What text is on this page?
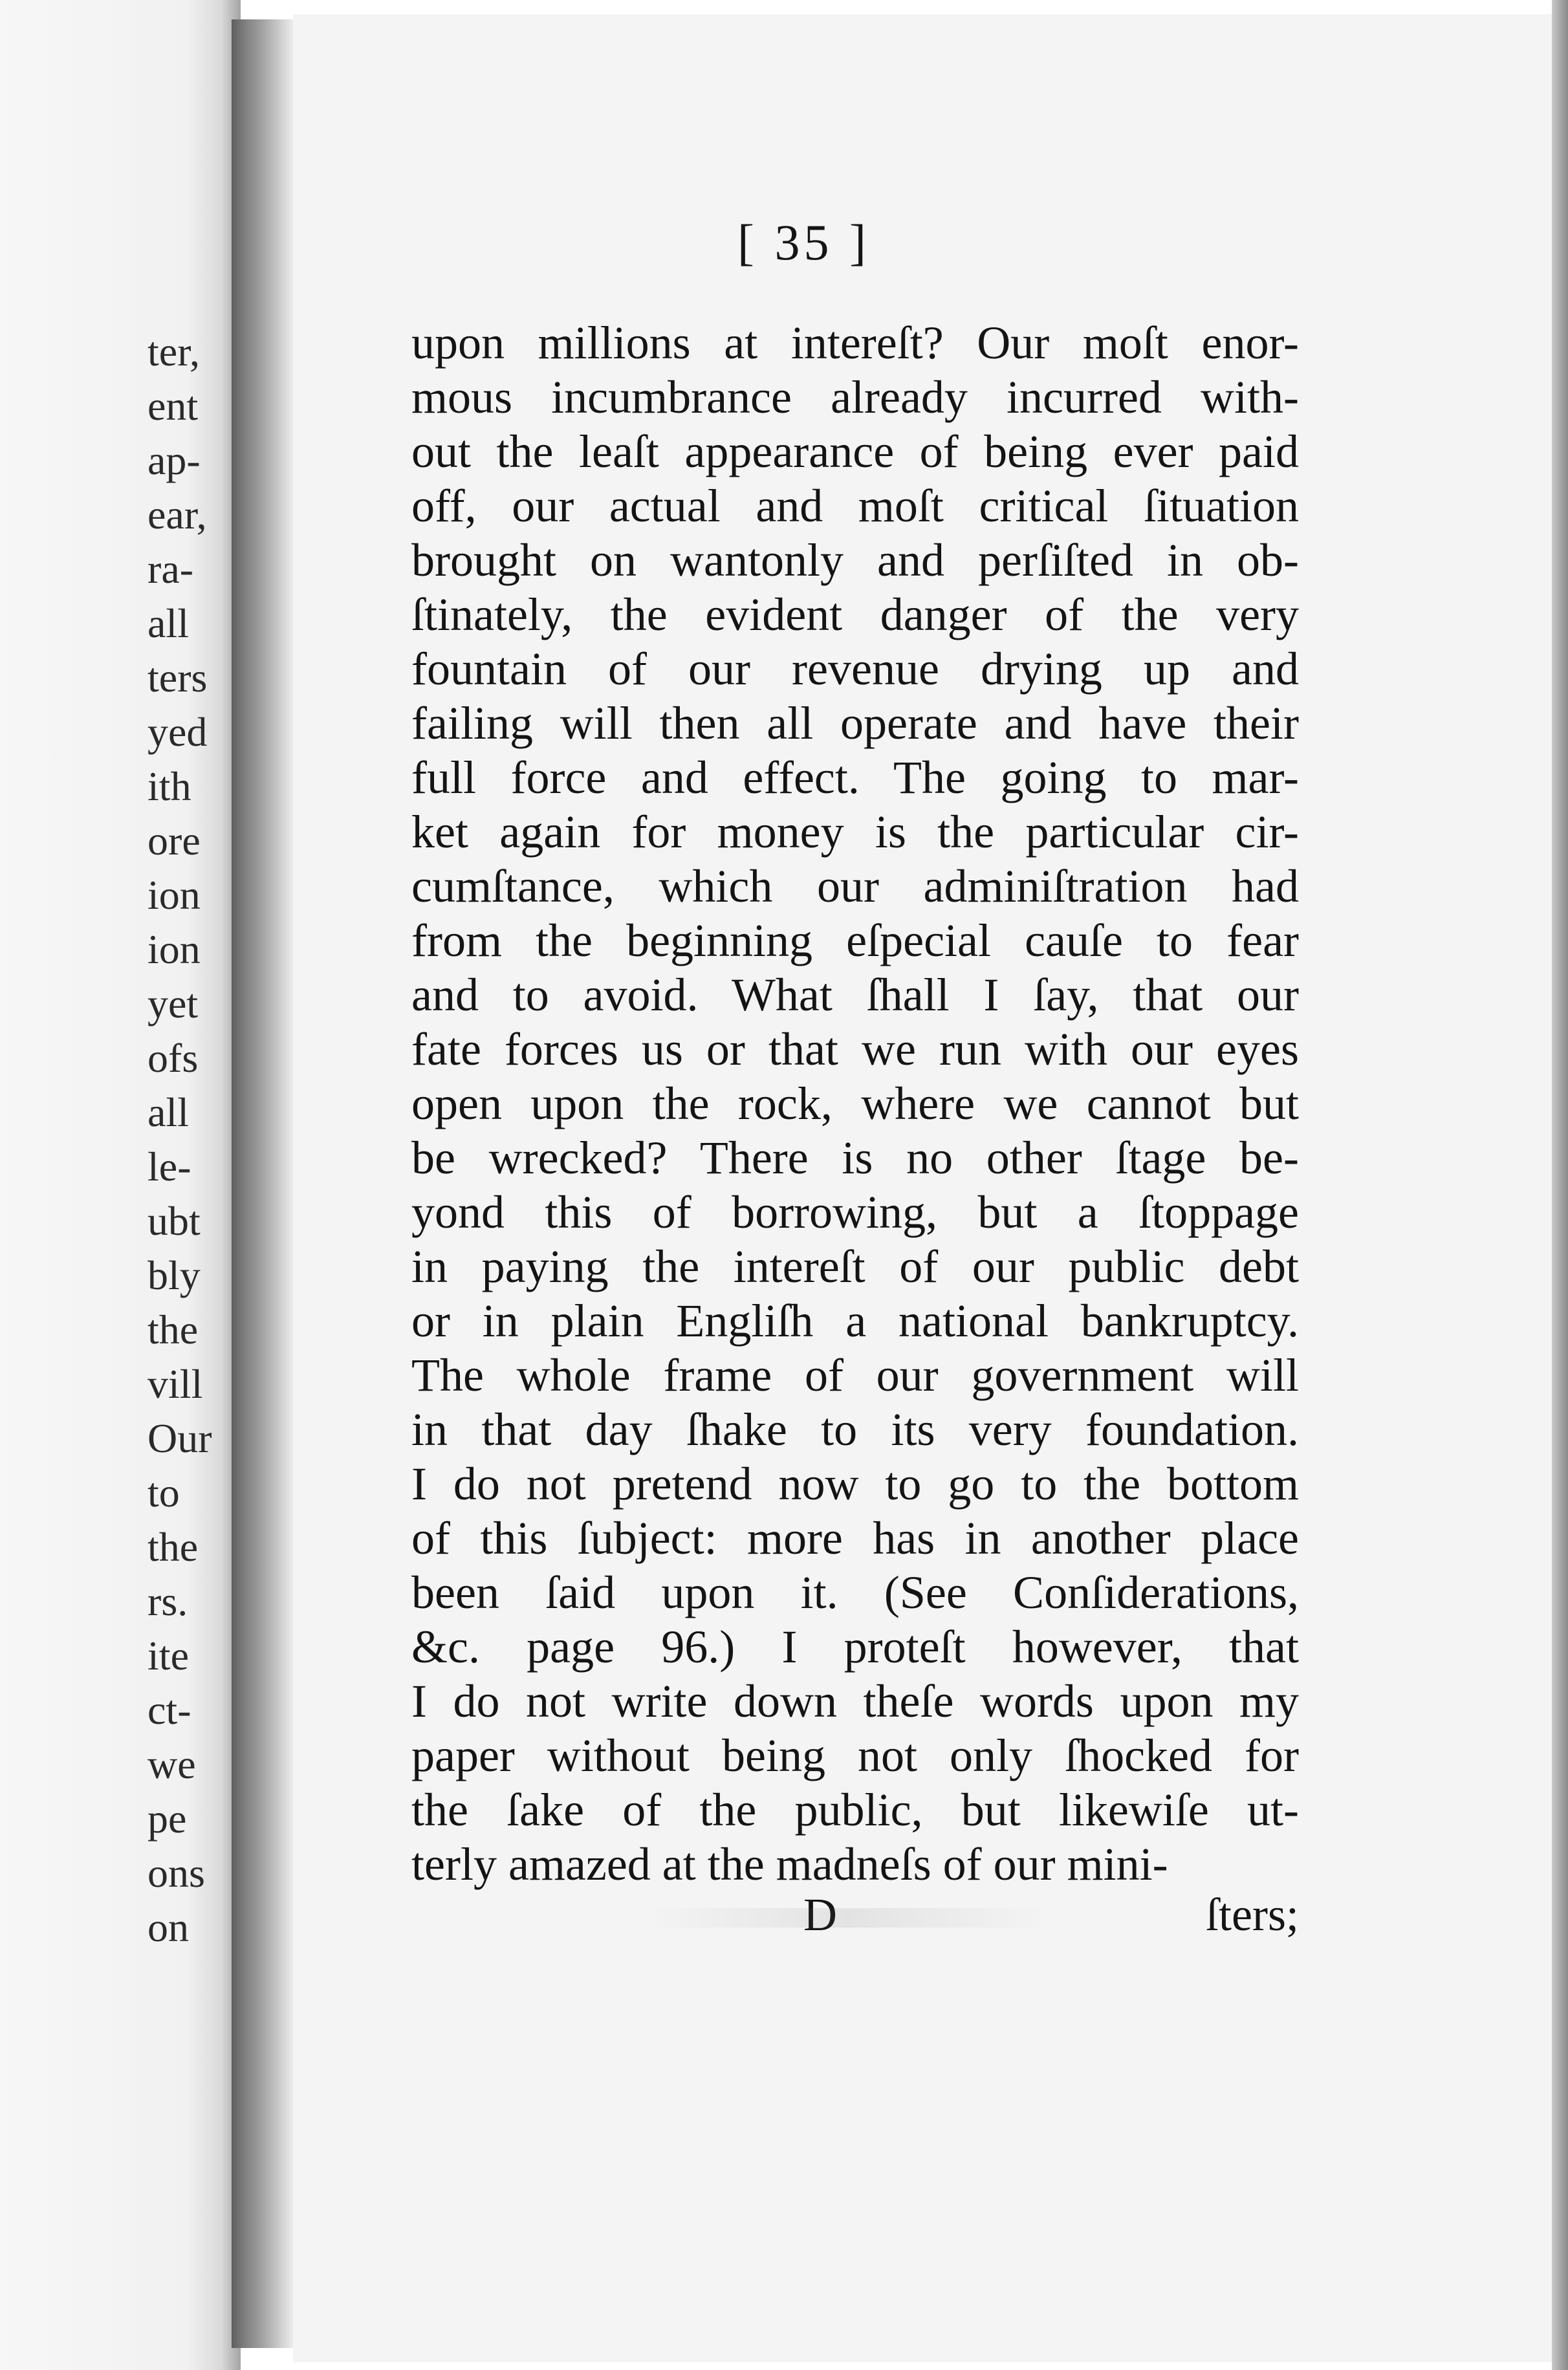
ter,
ent
ap-
ear,
ra-
all
ters
yed
ith
ore
ion
ion
yet
ofs
all
le-
ubt
bly
the
vill
Our
to
the
rs.
ite
ct-
we
pe
ons
on
[ 35 ]
upon millions at intereſt? Our moſt enor-
mous incumbrance already incurred with-
out the leaſt appearance of being ever paid
off, our actual and moſt critical ſituation
brought on wantonly and perſiſted in ob-
ſtinately, the evident danger of the very
fountain of our revenue drying up and
failing will then all operate and have their
full force and effect. The going to mar-
ket again for money is the particular cir-
cumſtance, which our adminiſtration had
from the beginning eſpecial cauſe to fear
and to avoid. What ſhall I ſay, that our
fate forces us or that we run with our eyes
open upon the rock, where we cannot but
be wrecked? There is no other ſtage be-
yond this of borrowing, but a ſtoppage
in paying the intereſt of our public debt
or in plain Engliſh a national bankruptcy.
The whole frame of our government will
in that day ſhake to its very foundation.
I do not pretend now to go to the bottom
of this ſubject: more has in another place
been ſaid upon it. (See Conſiderations,
&c. page 96.) I proteſt however, that
I do not write down theſe words upon my
paper without being not only ſhocked for
the ſake of the public, but likewiſe ut-
terly amazed at the madneſs of our mini-
D	ſters;
